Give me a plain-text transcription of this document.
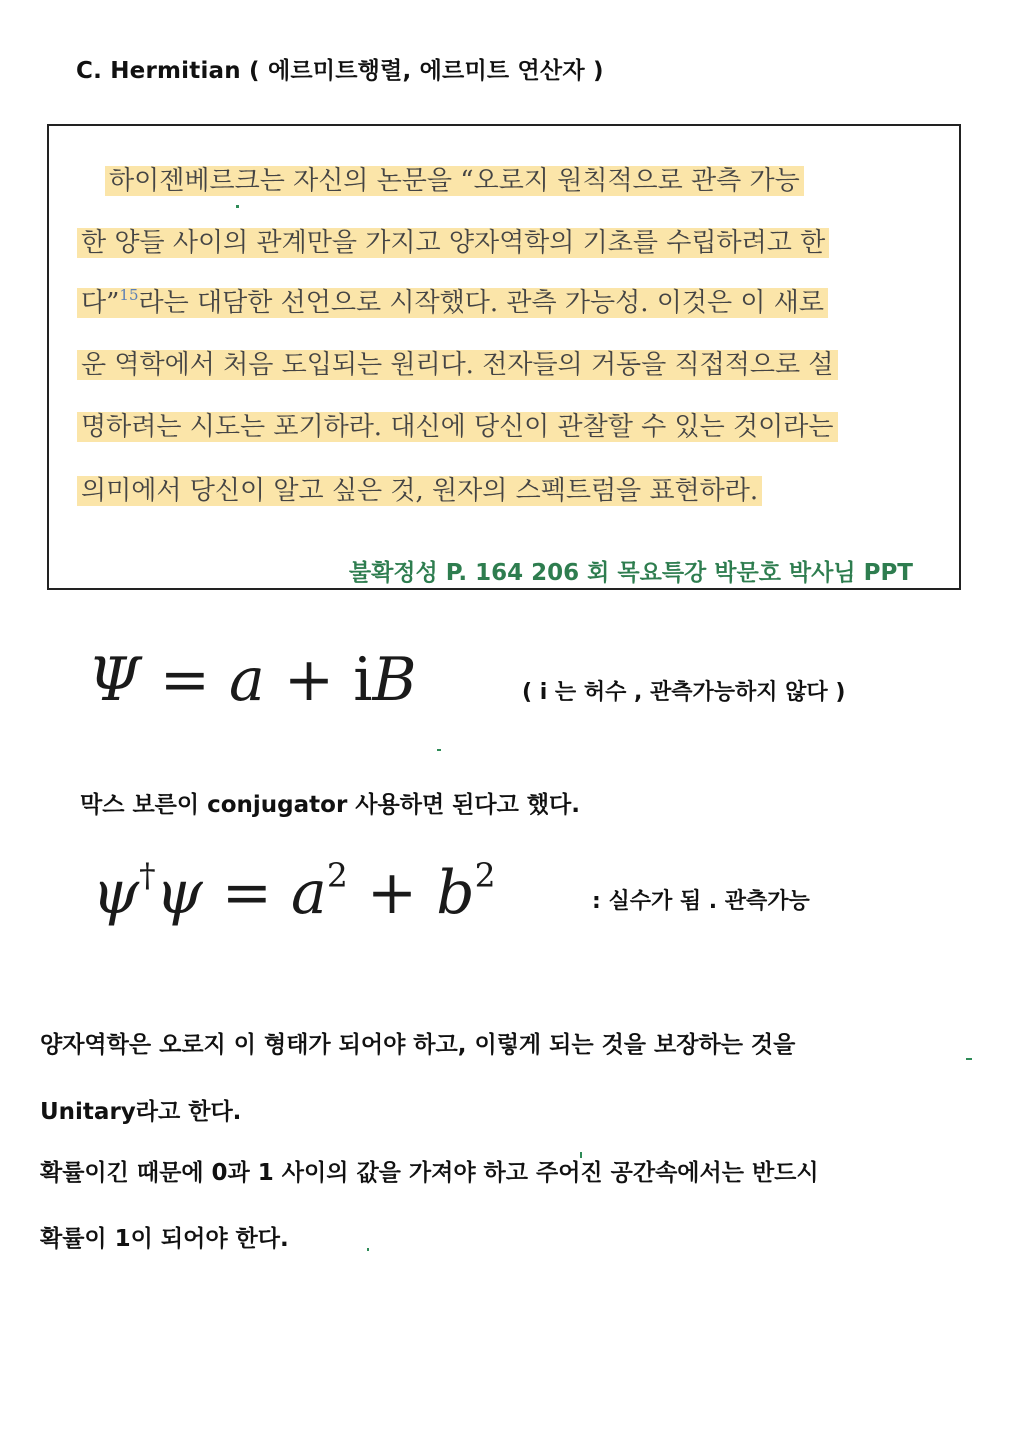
C. Hermitian ( 에르미트행렬, 에르미트 연산자 )
하이젠베르크는 자신의 논문을 “오로지 원칙적으로 관측 가능
한 양들 사이의 관계만을 가지고 양자역학의 기초를 수립하려고 한
다”$^{15}$라는 대담한 선언으로 시작했다. 관측 가능성. 이것은 이 새로
운 역학에서 처음 도입되는 원리다. 전자들의 거동을 직접적으로 설
명하려는 시도는 포기하라. 대신에 당신이 관찰할 수 있는 것이라는
의미에서 당신이 알고 싶은 것, 원자의 스펙트럼을 표현하라.
불확정성 P. 164 206 회 목요특강 박문호 박사님 PPT
Ψ = a + iB	( i 는 허수 , 관측가능하지 않다 )
막스 보른이 conjugator 사용하면 된다고 했다.
$\psi^\dagger\psi = a^2 + b^2$
: 실수가 됨 . 관측가능
양자역학은 오로지 이 형태가 되어야 하고, 이렇게 되는 것을 보장하는 것을
Unitary라고 한다.
확률이긴 때문에 0과 1 사이의 값을 가져야 하고 주어진 공간속에서는 반드시
확률이 1이 되어야 한다.
